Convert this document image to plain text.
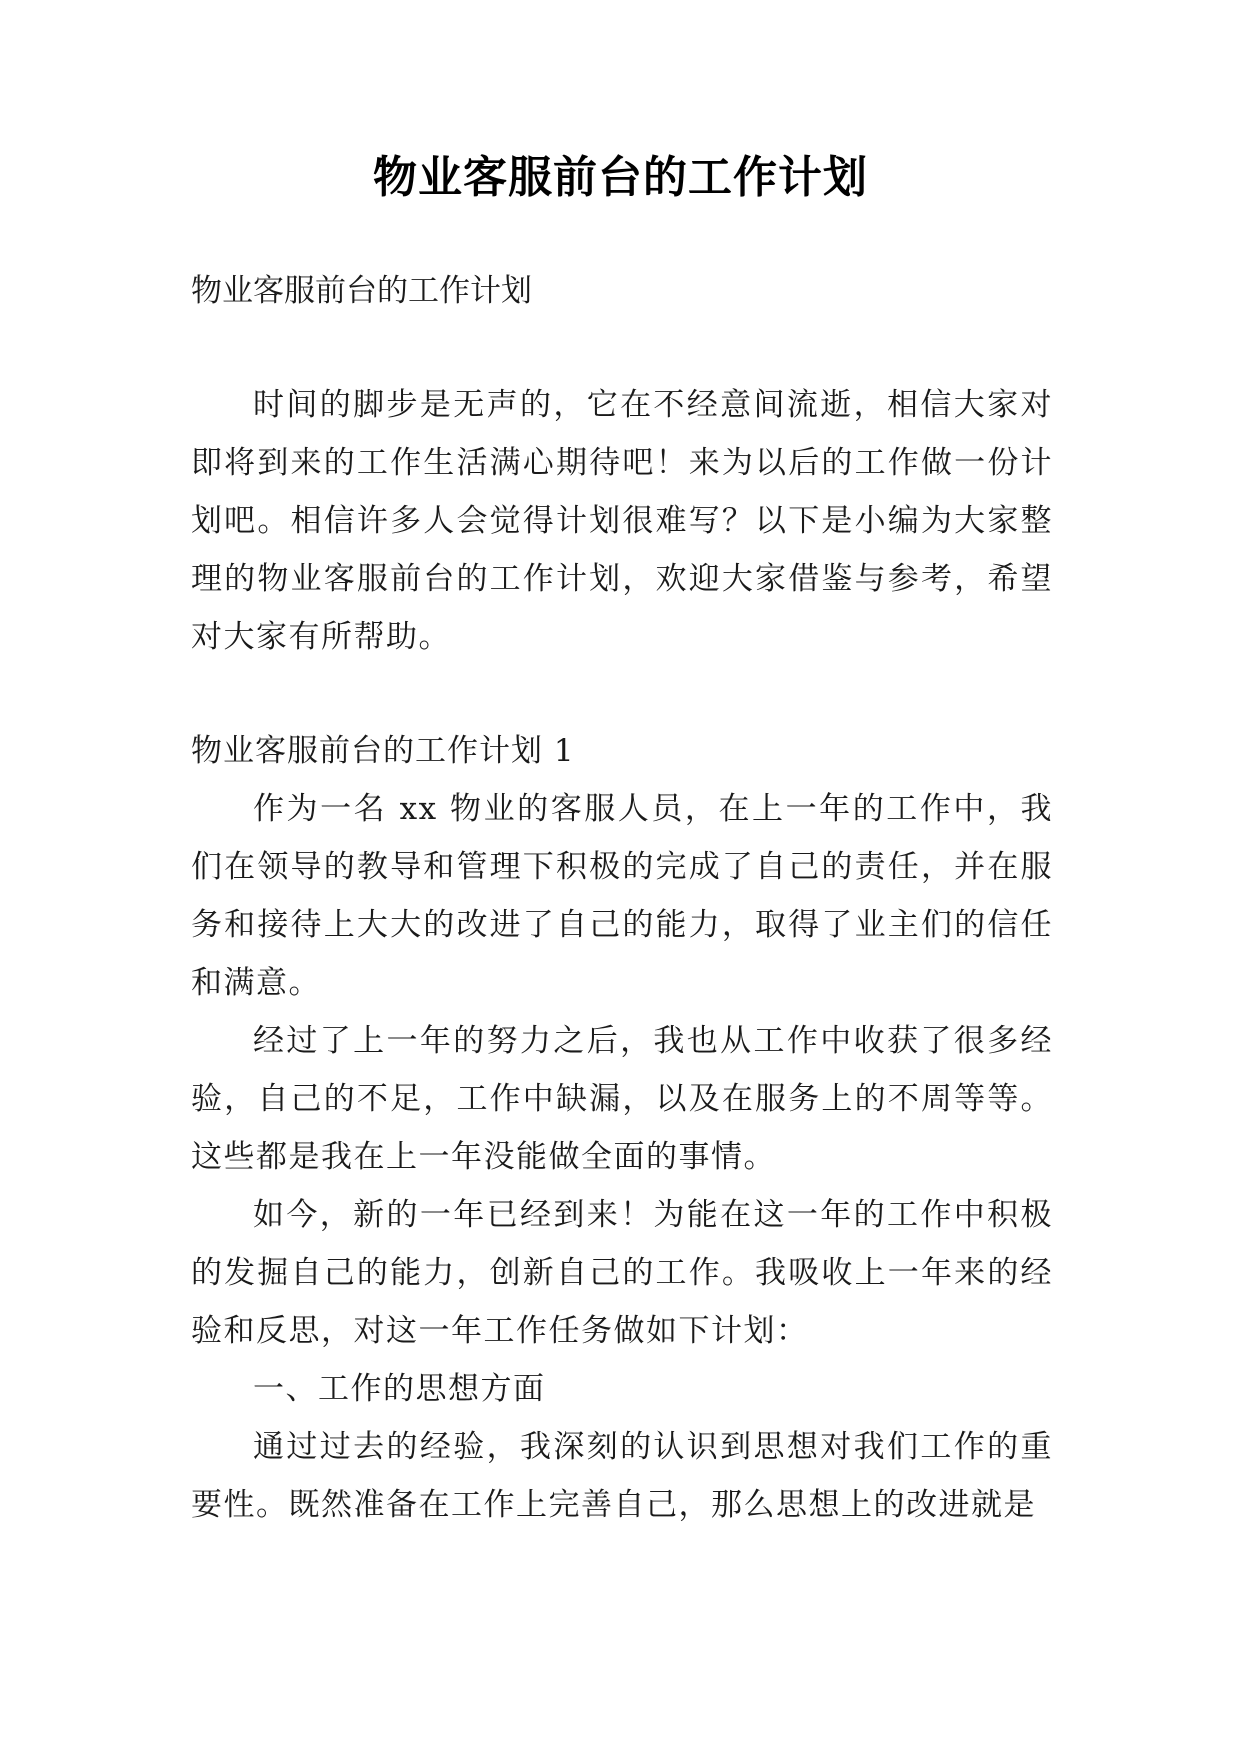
物业客服前台的工作计划

物业客服前台的工作计划

时间的脚步是无声的，它在不经意间流逝，相信大家对即将到来的工作生活满心期待吧！来为以后的工作做一份计划吧。相信许多人会觉得计划很难写？以下是小编为大家整理的物业客服前台的工作计划，欢迎大家借鉴与参考，希望对大家有所帮助。

物业客服前台的工作计划 1

作为一名 xx 物业的客服人员，在上一年的工作中，我们在领导的教导和管理下积极的完成了自己的责任，并在服务和接待上大大的改进了自己的能力，取得了业主们的信任和满意。

经过了上一年的努力之后，我也从工作中收获了很多经验，自己的不足，工作中缺漏，以及在服务上的不周等等。这些都是我在上一年没能做全面的事情。

如今，新的一年已经到来！为能在这一年的工作中积极的发掘自己的能力，创新自己的工作。我吸收上一年来的经验和反思，对这一年工作任务做如下计划：

一、工作的思想方面

通过过去的经验，我深刻的认识到思想对我们工作的重要性。既然准备在工作上完善自己，那么思想上的改进就是
